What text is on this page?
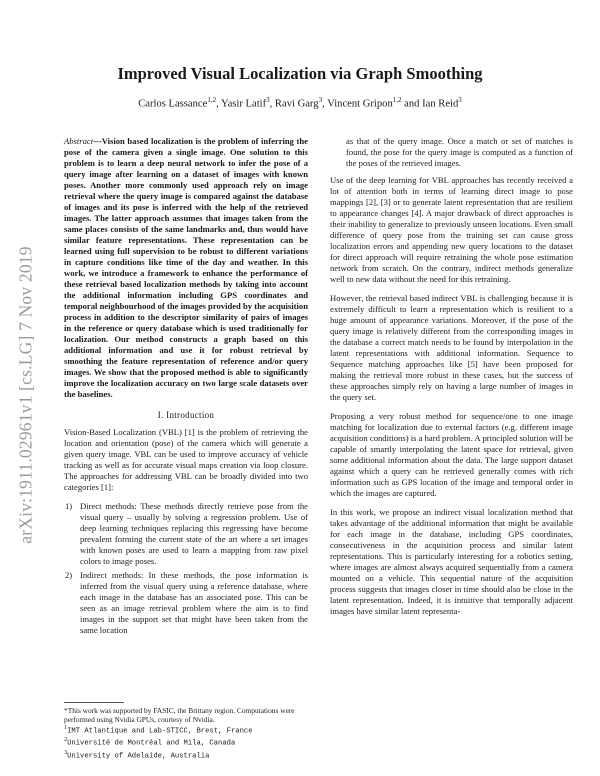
arXiv:1911.02961v1 [cs.LG] 7 Nov 2019
Improved Visual Localization via Graph Smoothing
Carlos Lassance$^{1,2}$, Yasir Latif$^3$, Ravi Garg$^3$, Vincent Gripon$^{1,2}$ and Ian Reid$^3$
Abstract—Vision based localization is the problem of inferring the pose of the camera given a single image. One solution to this problem is to learn a deep neural network to infer the pose of a query image after learning on a dataset of images with known poses. Another more commonly used approach rely on image retrieval where the query image is compared against the database of images and its pose is inferred with the help of the retrieved images. The latter approach assumes that images taken from the same places consists of the same landmarks and, thus would have similar feature representations. These representation can be learned using full supervision to be robust to different variations in capture conditions like time of the day and weather. In this work, we introduce a framework to enhance the performance of these retrieval based localization methods by taking into account the additional information including GPS coordinates and temporal neighbourhood of the images provided by the acquisition process in addition to the descriptor similarity of pairs of images in the reference or query database which is used traditionally for localization. Our method constructs a graph based on this additional information and use it for robust retrieval by smoothing the feature representation of reference and/or query images. We show that the proposed method is able to significantly improve the localization accuracy on two large scale datasets over the baselines.
I. Introduction
Vision-Based Localization (VBL) [1] is the problem of retrieving the location and orientation (pose) of the camera which will generate a given query image. VBL can be used to improve accuracy of vehicle tracking as well as for accurate visual maps creation via loop closure. The approaches for addressing VBL can be broadly divided into two categories [1]:
1) Direct methods: These methods directly retrieve pose from the visual query – usually by solving a regression problem. Use of deep learning techniques replacing this regressing have become prevalent forming the current state of the art where a set images with known poses are used to learn a mapping from raw pixel colors to image poses.
2) Indirect methods: In these methods, the pose information is inferred from the visual query using a reference database, where each image in the database has an associated pose. This can be seen as an image retrieval problem where the aim is to find images in the support set that might have been taken from the same location
*This work was supported by FASIC, the Brittany region. Computations were performed using Nvidia GPUs, courtesy of Nvidia.
$^1$IMT Atlantique and Lab-STICC, Brest, France
$^2$Université de Montréal and Mila, Canada
$^3$University of Adelaide, Australia
as that of the query image. Once a match or set of matches is found, the pose for the query image is computed as a function of the poses of the retrieved images.
Use of the deep learning for VBL approaches has recently received a lot of attention both in terms of learning direct image to pose mappings [2], [3] or to generate latent representation that are resilient to appearance changes [4]. A major drawback of direct approaches is their inability to generalize to previously unseen locations. Even small difference of query pose from the training set can cause gross localization errors and appending new query locations to the dataset for direct approach will require retraining the whole pose estimation network from scratch. On the contrary, indirect methods generalize well to new data without the need for this retraining.
However, the retrieval based indirect VBL is challenging because it is extremely difficult to learn a representation which is resilient to a huge amount of appearance variations. Moreover, if the pose of the query image is relatively different from the corresponding images in the database a correct match needs to be found by interpolation in the latent representations with additional information. Sequence to Sequence matching approaches like [5] have been proposed for making the retrieval more robust in these cases, but the success of these approaches simply rely on having a large number of images in the query set.
Proposing a very robust method for sequence/one to one image matching for localization due to external factors (e.g. different image acquisition conditions) is a hard problem. A principled solution will be capable of smartly interpolating the latent space for retrieval, given some additional information about the data. The large support dataset against which a query can be retrieved generally comes with rich information such as GPS location of the image and temporal order in which the images are captured.
In this work, we propose an indirect visual localization method that takes advantage of the additional information that might be available for each image in the database, including GPS coordinates, consecutiveness in the acquisition process and similar latent representations. This is particularly interesting for a robotics setting, where images are almost always acquired sequentially from a camera mounted on a vehicle. This sequential nature of the acquisition process suggests that images closer in time should also be close in the latent representation. Indeed, it is intuitive that temporally adjacent images have similar latent representa-
